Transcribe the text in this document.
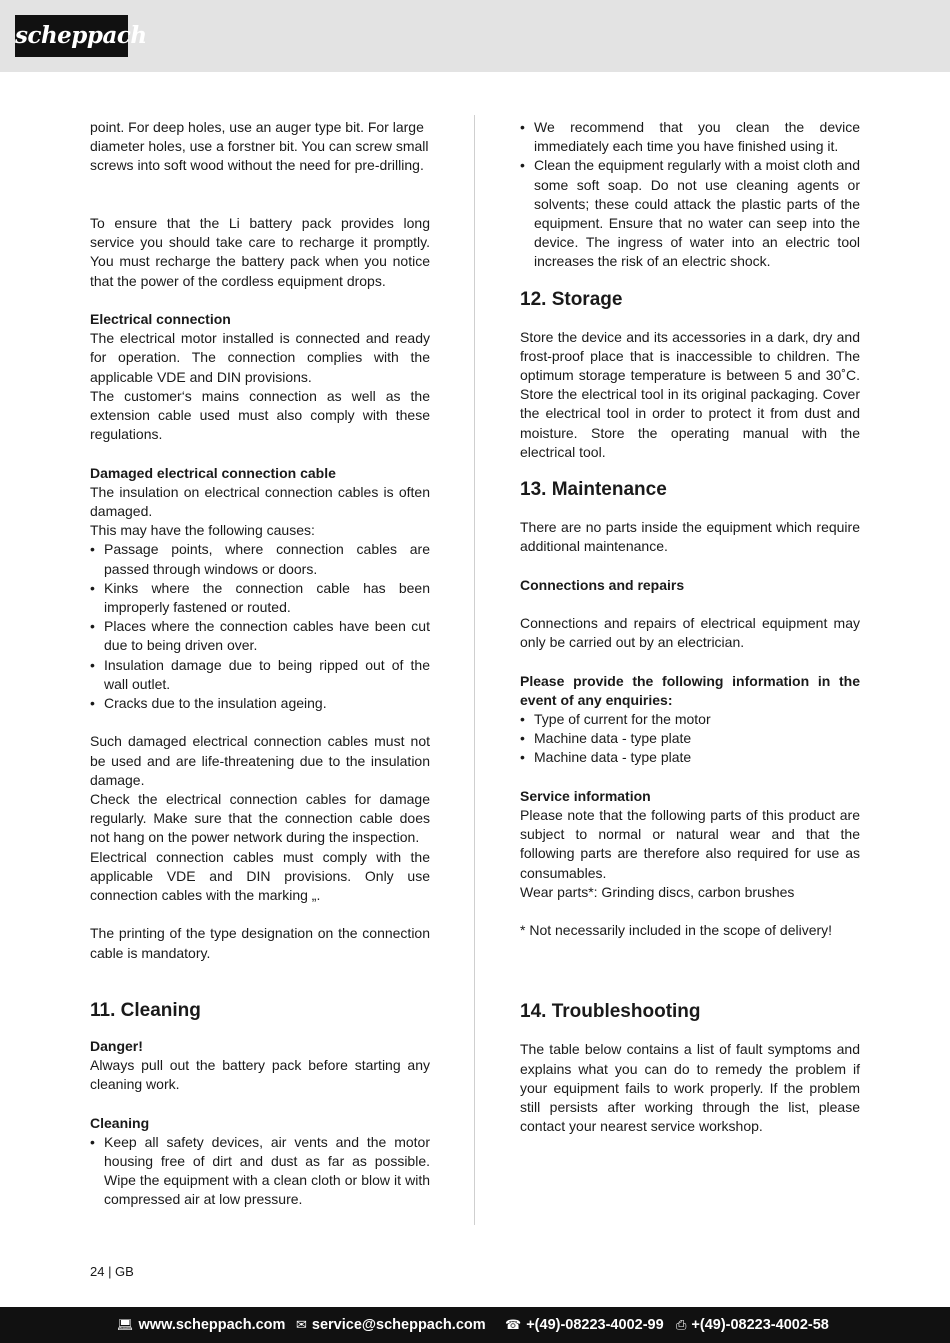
scheppach

point. For deep holes, use an auger type bit. For large diameter holes, use a forstner bit. You can screw small screws into soft wood without the need for pre-drilling.

To ensure that the Li battery pack provides long service you should take care to recharge it promptly. You must recharge the battery pack when you notice that the power of the cordless equipment drops.

Electrical connection

The electrical motor installed is connected and ready for operation. The connection complies with the applicable VDE and DIN provisions.

The customer‘s mains connection as well as the extension cable used must also comply with these regulations.

Damaged electrical connection cable

The insulation on electrical connection cables is often damaged.

This may have the following causes:

• Passage points, where connection cables are passed through windows or doors.
• Kinks where the connection cable has been improperly fastened or routed.
• Places where the connection cables have been cut due to being driven over.
• Insulation damage due to being ripped out of the wall outlet.
• Cracks due to the insulation ageing.

Such damaged electrical connection cables must not be used and are life-threatening due to the insulation damage.

Check the electrical connection cables for damage regularly. Make sure that the connection cable does not hang on the power network during the inspection.

Electrical connection cables must comply with the applicable VDE and DIN provisions. Only use connection cables with the marking „.

The printing of the type designation on the connection cable is mandatory.

11. Cleaning

Danger!

Always pull out the battery pack before starting any cleaning work.

Cleaning

• Keep all safety devices, air vents and the motor housing free of dirt and dust as far as possible. Wipe the equipment with a clean cloth or blow it with compressed air at low pressure.
• We recommend that you clean the device immediately each time you have finished using it.
• Clean the equipment regularly with a moist cloth and some soft soap. Do not use cleaning agents or solvents; these could attack the plastic parts of the equipment. Ensure that no water can seep into the device. The ingress of water into an electric tool increases the risk of an electric shock.
12. Storage

Store the device and its accessories in a dark, dry and frost-proof place that is inaccessible to children. The optimum storage temperature is between 5 and 30˚C. Store the electrical tool in its original packaging. Cover the electrical tool in order to protect it from dust and moisture. Store the operating manual with the electrical tool.

13. Maintenance

There are no parts inside the equipment which require additional maintenance.

Connections and repairs

Connections and repairs of electrical equipment may only be carried out by an electrician.

Please provide the following information in the event of any enquiries:

• Type of current for the motor
• Machine data - type plate
• Machine data - type plate

Service information

Please note that the following parts of this product are subject to normal or natural wear and that the following parts are therefore also required for use as consumables.

Wear parts*: Grinding discs, carbon brushes

* Not necessarily included in the scope of delivery!

14. Troubleshooting

The table below contains a list of fault symptoms and explains what you can do to remedy the problem if your equipment fails to work properly. If the problem still persists after working through the list, please contact your nearest service workshop.

24 | GB
💻︎ www.scheppach.com ✉︎ service@scheppach.com ☎︎ +(49)-08223-4002-99 ⎙ +(49)-08223-4002-58
